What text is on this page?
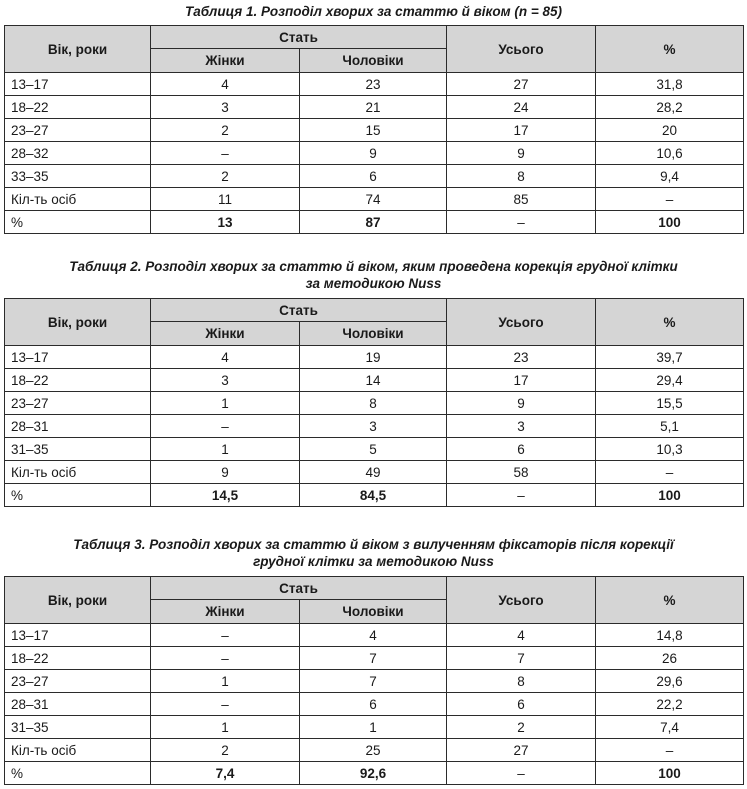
Таблиця 1. Розподіл хворих за статтю й віком (n = 85)
Вік, роки	Стать		Усього	%
	Жінки	Чоловіки		
13–17	4	23	27	31,8
18–22	3	21	24	28,2
23–27	2	15	17	20
28–32	–	9	9	10,6
33–35	2	6	8	9,4
Кіл-ть осіб	11	74	85	–
%	13	87	–	100
Таблиця 2. Розподіл хворих за статтю й віком, яким проведена корекція грудної клітки
за методикою Nuss
Вік, роки	Стать		Усього	%
	Жінки	Чоловіки		
13–17	4	19	23	39,7
18–22	3	14	17	29,4
23–27	1	8	9	15,5
28–31	–	3	3	5,1
31–35	1	5	6	10,3
Кіл-ть осіб	9	49	58	–
%	14,5	84,5	–	100
Таблиця 3. Розподіл хворих за статтю й віком з вилученням фіксаторів після корекції
грудної клітки за методикою Nuss
Вік, роки	Стать		Усього	%
	Жінки	Чоловіки		
13–17	–	4	4	14,8
18–22	–	7	7	26
23–27	1	7	8	29,6
28–31	–	6	6	22,2
31–35	1	1	2	7,4
Кіл-ть осіб	2	25	27	–
%	7,4	92,6	–	100
